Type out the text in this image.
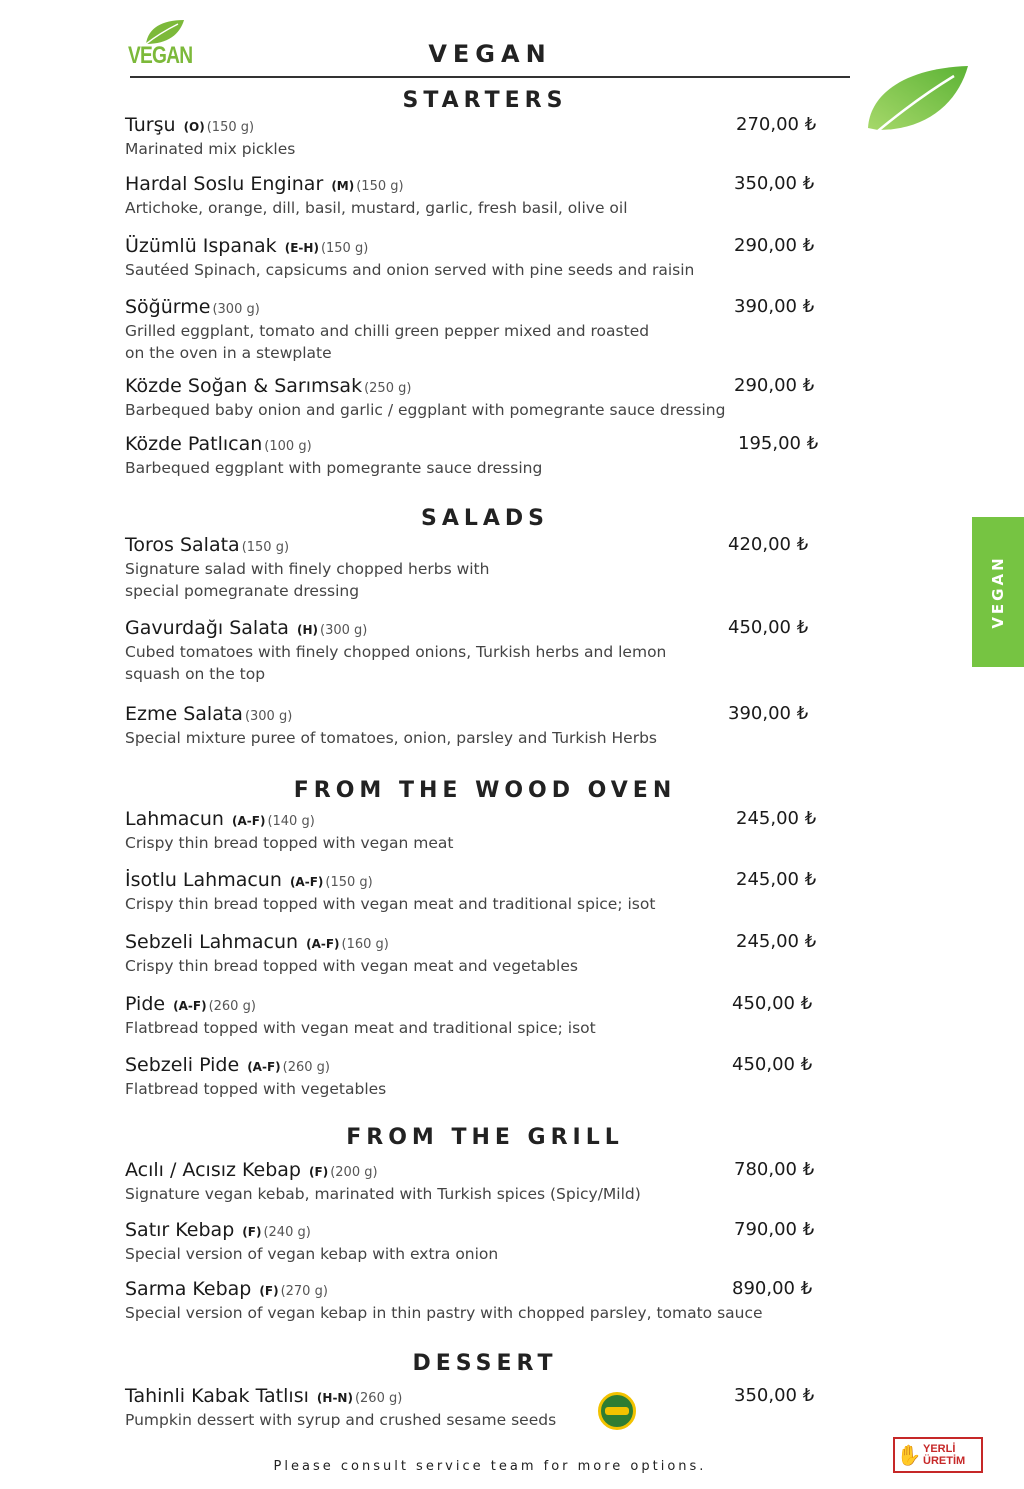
VEGAN	VEGAN
VEGAN
STARTERS
Turşu (O) (150 g)	270,00 ₺
Marinated mix pickles
Hardal Soslu Enginar (M) (150 g)	350,00 ₺
Artichoke, orange, dill, basil, mustard, garlic, fresh basil, olive oil
Üzümlü Ispanak (E-H) (150 g)	290,00 ₺
Sautéed Spinach, capsicums and onion served with pine seeds and raisin
Söğürme (300 g)	390,00 ₺
Grilled eggplant, tomato and chilli green pepper mixed and roasted
on the oven in a stewplate
Közde Soğan & Sarımsak (250 g)	290,00 ₺
Barbequed baby onion and garlic / eggplant with pomegrante sauce dressing
Közde Patlıcan (100 g)	195,00 ₺
Barbequed eggplant with pomegrante sauce dressing
SALADS
Toros Salata (150 g)	420,00 ₺
Signature salad with finely chopped herbs with
special pomegranate dressing
Gavurdağı Salata (H) (300 g)	450,00 ₺
Cubed tomatoes with finely chopped onions, Turkish herbs and lemon
squash on the top
Ezme Salata (300 g)	390,00 ₺
Special mixture puree of tomatoes, onion, parsley and Turkish Herbs
FROM THE WOOD OVEN
Lahmacun (A-F) (140 g)	245,00 ₺
Crispy thin bread topped with vegan meat
İsotlu Lahmacun (A-F) (150 g)	245,00 ₺
Crispy thin bread topped with vegan meat and traditional spice; isot
Sebzeli Lahmacun (A-F) (160 g)	245,00 ₺
Crispy thin bread topped with vegan meat and vegetables
Pide (A-F) (260 g)	450,00 ₺
Flatbread topped with vegan meat and traditional spice; isot
Sebzeli Pide (A-F) (260 g)	450,00 ₺
Flatbread topped with vegetables
FROM THE GRILL
Acılı / Acısız Kebap (F) (200 g)	780,00 ₺
Signature vegan kebab, marinated with Turkish spices (Spicy/Mild)
Satır Kebap (F) (240 g)	790,00 ₺
Special version of vegan kebap with extra onion
Sarma Kebap (F) (270 g)	890,00 ₺
Special version of vegan kebap in thin pastry with chopped parsley, tomato sauce
DESSERT
Tahinli Kabak Tatlısı (H-N) (260 g)	350,00 ₺
Pumpkin dessert with syrup and crushed sesame seeds
✋ YERLİ
ÜRETİM
Please consult service team for more options.
